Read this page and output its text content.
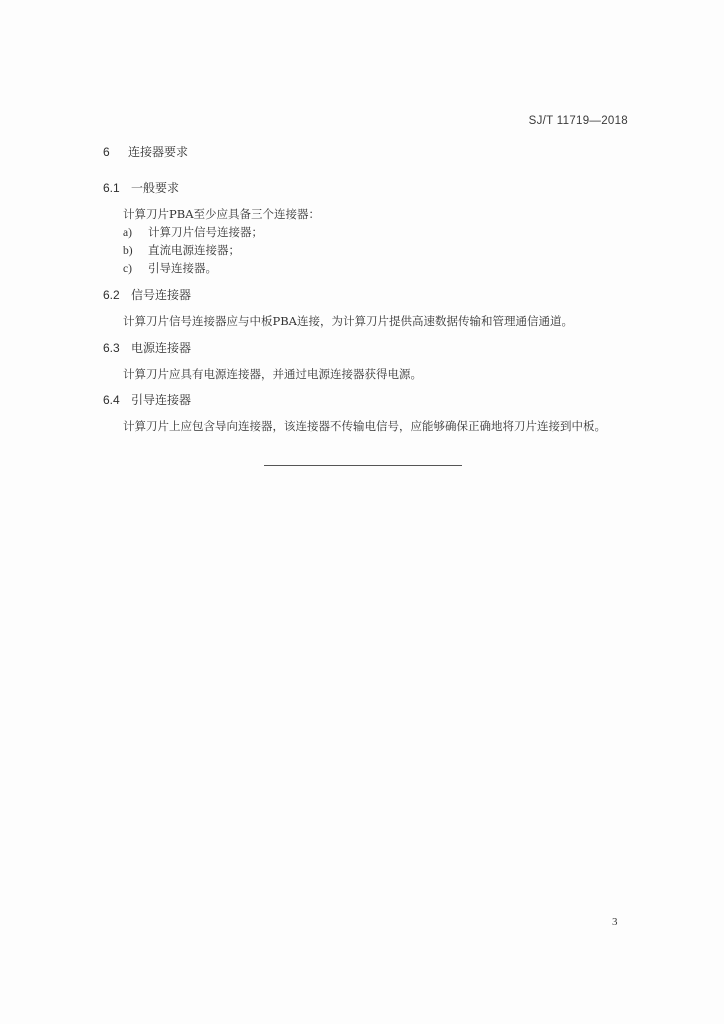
SJ/T 11719—2018
6 连接器要求
6.1 一般要求
计算刀片PBA至少应具备三个连接器：
a) 计算刀片信号连接器；
b) 直流电源连接器；
c) 引导连接器。
6.2 信号连接器
计算刀片信号连接器应与中板PBA连接，为计算刀片提供高速数据传输和管理通信通道。
6.3 电源连接器
计算刀片应具有电源连接器，并通过电源连接器获得电源。
6.4 引导连接器
计算刀片上应包含导向连接器，该连接器不传输电信号，应能够确保正确地将刀片连接到中板。
3
